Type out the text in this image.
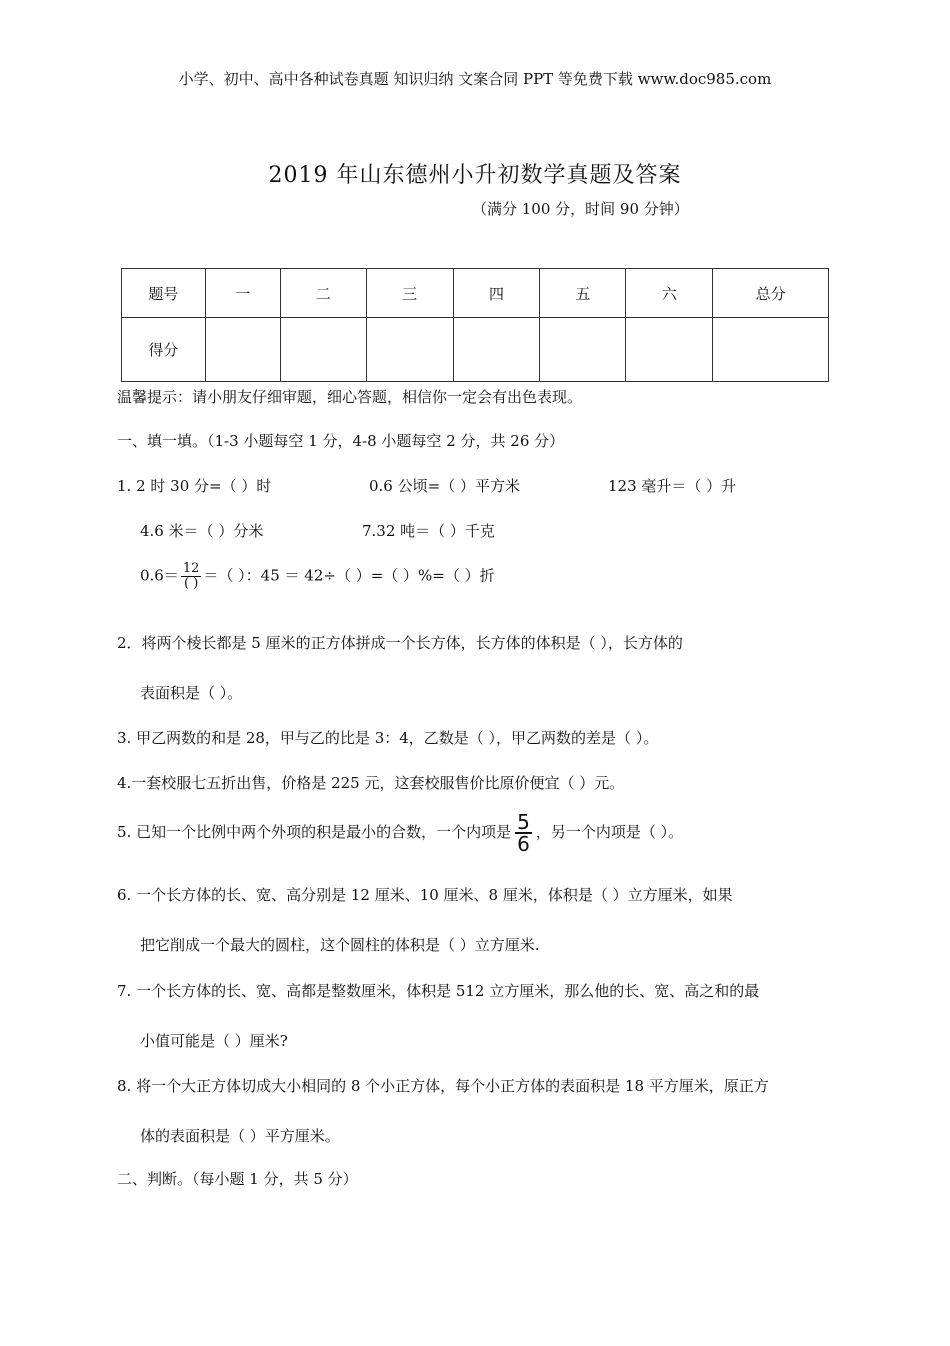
小学、初中、高中各种试卷真题 知识归纳 文案合同 PPT 等免费下载 www.doc985.com
2019 年山东德州小升初数学真题及答案
（满分 100 分，时间 90 分钟）
题号	一	二	三	四	五	六	总分
得分							
温馨提示：请小朋友仔细审题，细心答题，相信你一定会有出色表现。
一、填一填。（1-3 小题每空 1 分，4-8 小题每空 2 分，共 26 分）
1. 2 时 30 分=（ ）时	0.6 公顷=（ ）平方米	123 毫升＝（ ）升
4.6 米＝（ ）分米	7.32 吨＝（ ）千克
$0.6= \frac{12}{( )}$ ＝（ ）：45 ＝ 42÷（ ）=（ ）%=（ ）折
2．将两个棱长都是 5 厘米的正方体拼成一个长方体，长方体的体积是（ ），长方体的
表面积是（ ）。
3. 甲乙两数的和是 28，甲与乙的比是 3：4，乙数是（ ），甲乙两数的差是（ ）。
4.一套校服七五折出售，价格是 225 元，这套校服售价比原价便宜（ ）元。
5. 已知一个比例中两个外项的积是最小的合数，一个内项是 $\frac{5}{6}$ ，另一个内项是（ ）。
6. 一个长方体的长、宽、高分别是 12 厘米、10 厘米、8 厘米，体积是（ ）立方厘米，如果
把它削成一个最大的圆柱，这个圆柱的体积是（ ）立方厘米.
7. 一个长方体的长、宽、高都是整数厘米，体积是 512 立方厘米，那么他的长、宽、高之和的最
小值可能是（ ）厘米?
8. 将一个大正方体切成大小相同的 8 个小正方体，每个小正方体的表面积是 18 平方厘米，原正方
体的表面积是（ ）平方厘米。
二、判断。（每小题 1 分，共 5 分）
